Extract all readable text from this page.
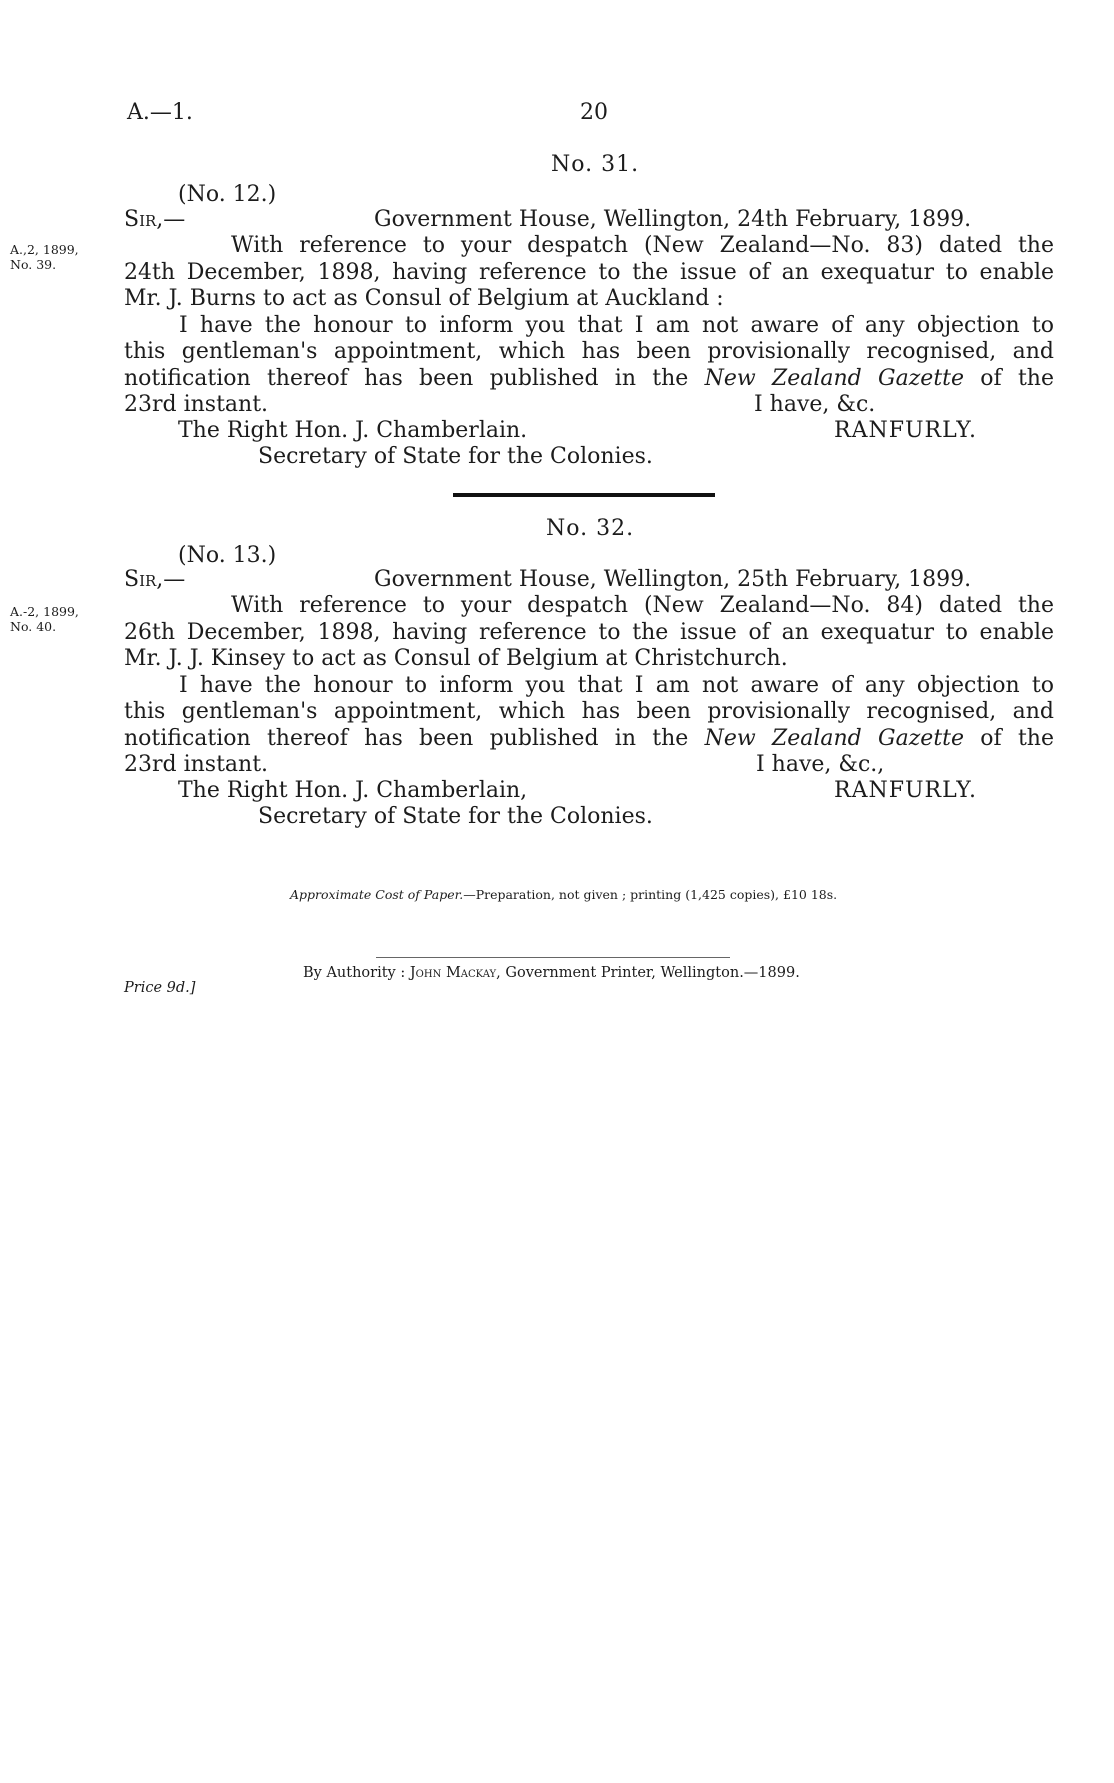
A.—1.	20
No. 31.
(No. 12.)
Sir,—	Government House, Wellington, 24th February, 1899.
A.,2, 1899,
No. 39.
With reference to your despatch (New Zealand—No. 83) dated the
24th December, 1898, having reference to the issue of an exequatur to enable
Mr. J. Burns to act as Consul of Belgium at Auckland :
I have the honour to inform you that I am not aware of any objection to
this gentleman's appointment, which has been provisionally recognised, and
notification thereof has been published in the New Zealand Gazette of the
23rd instant.	I have, &c.
The Right Hon. J. Chamberlain.	RANFURLY.
Secretary of State for the Colonies.
No. 32.
(No. 13.)
Sir,—	Government House, Wellington, 25th February, 1899.
A.-2, 1899,
No. 40.
With reference to your despatch (New Zealand—No. 84) dated the
26th December, 1898, having reference to the issue of an exequatur to enable
Mr. J. J. Kinsey to act as Consul of Belgium at Christchurch.
I have the honour to inform you that I am not aware of any objection to
this gentleman's appointment, which has been provisionally recognised, and
notification thereof has been published in the New Zealand Gazette of the
23rd instant.	I have, &c.,
The Right Hon. J. Chamberlain,	RANFURLY.
Secretary of State for the Colonies.
Approximate Cost of Paper.—Preparation, not given ; printing (1,425 copies), £10 18s.
By Authority : John Mackay, Government Printer, Wellington.—1899.
Price 9d.]
